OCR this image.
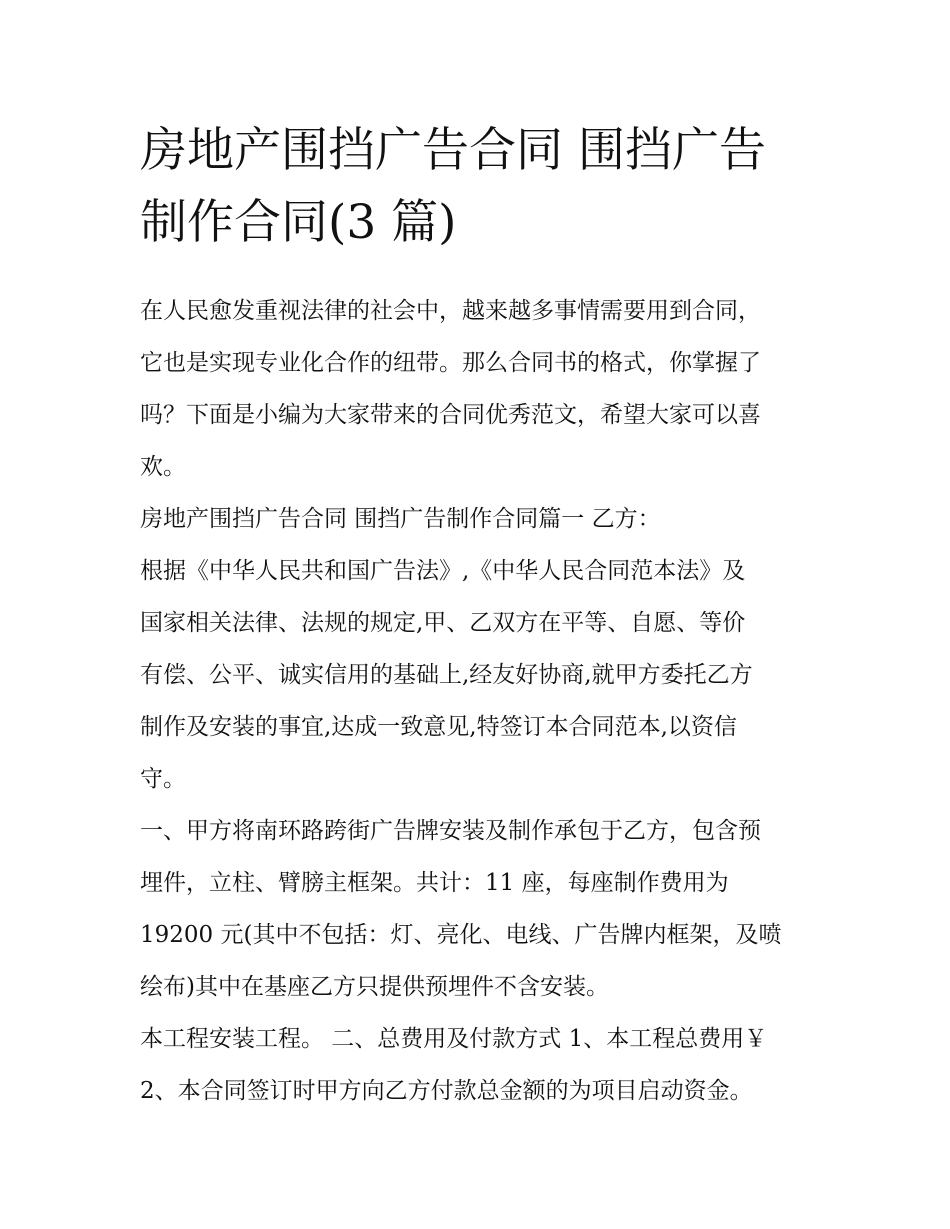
房地产围挡广告合同 围挡广告
制作合同(3 篇)

在人民愈发重视法律的社会中，越来越多事情需要用到合同，
它也是实现专业化合作的纽带。那么合同书的格式，你掌握了
吗？下面是小编为大家带来的合同优秀范文，希望大家可以喜
欢。

房地产围挡广告合同 围挡广告制作合同篇一 乙方：

根据《中华人民共和国广告法》,《中华人民合同范本法》及
国家相关法律、法规的规定,甲、乙双方在平等、自愿、等价
有偿、公平、诚实信用的基础上,经友好协商,就甲方委托乙方
制作及安装的事宜,达成一致意见,特签订本合同范本,以资信
守。

一、甲方将南环路跨街广告牌安装及制作承包于乙方，包含预
埋件，立柱、臂膀主框架。共计：11 座，每座制作费用为
19200 元(其中不包括：灯、亮化、电线、广告牌内框架，及喷
绘布)其中在基座乙方只提供预埋件不含安装。

本工程安装工程。 二、总费用及付款方式 1、本工程总费用￥
2、本合同签订时甲方向乙方付款总金额的为项目启动资金。
